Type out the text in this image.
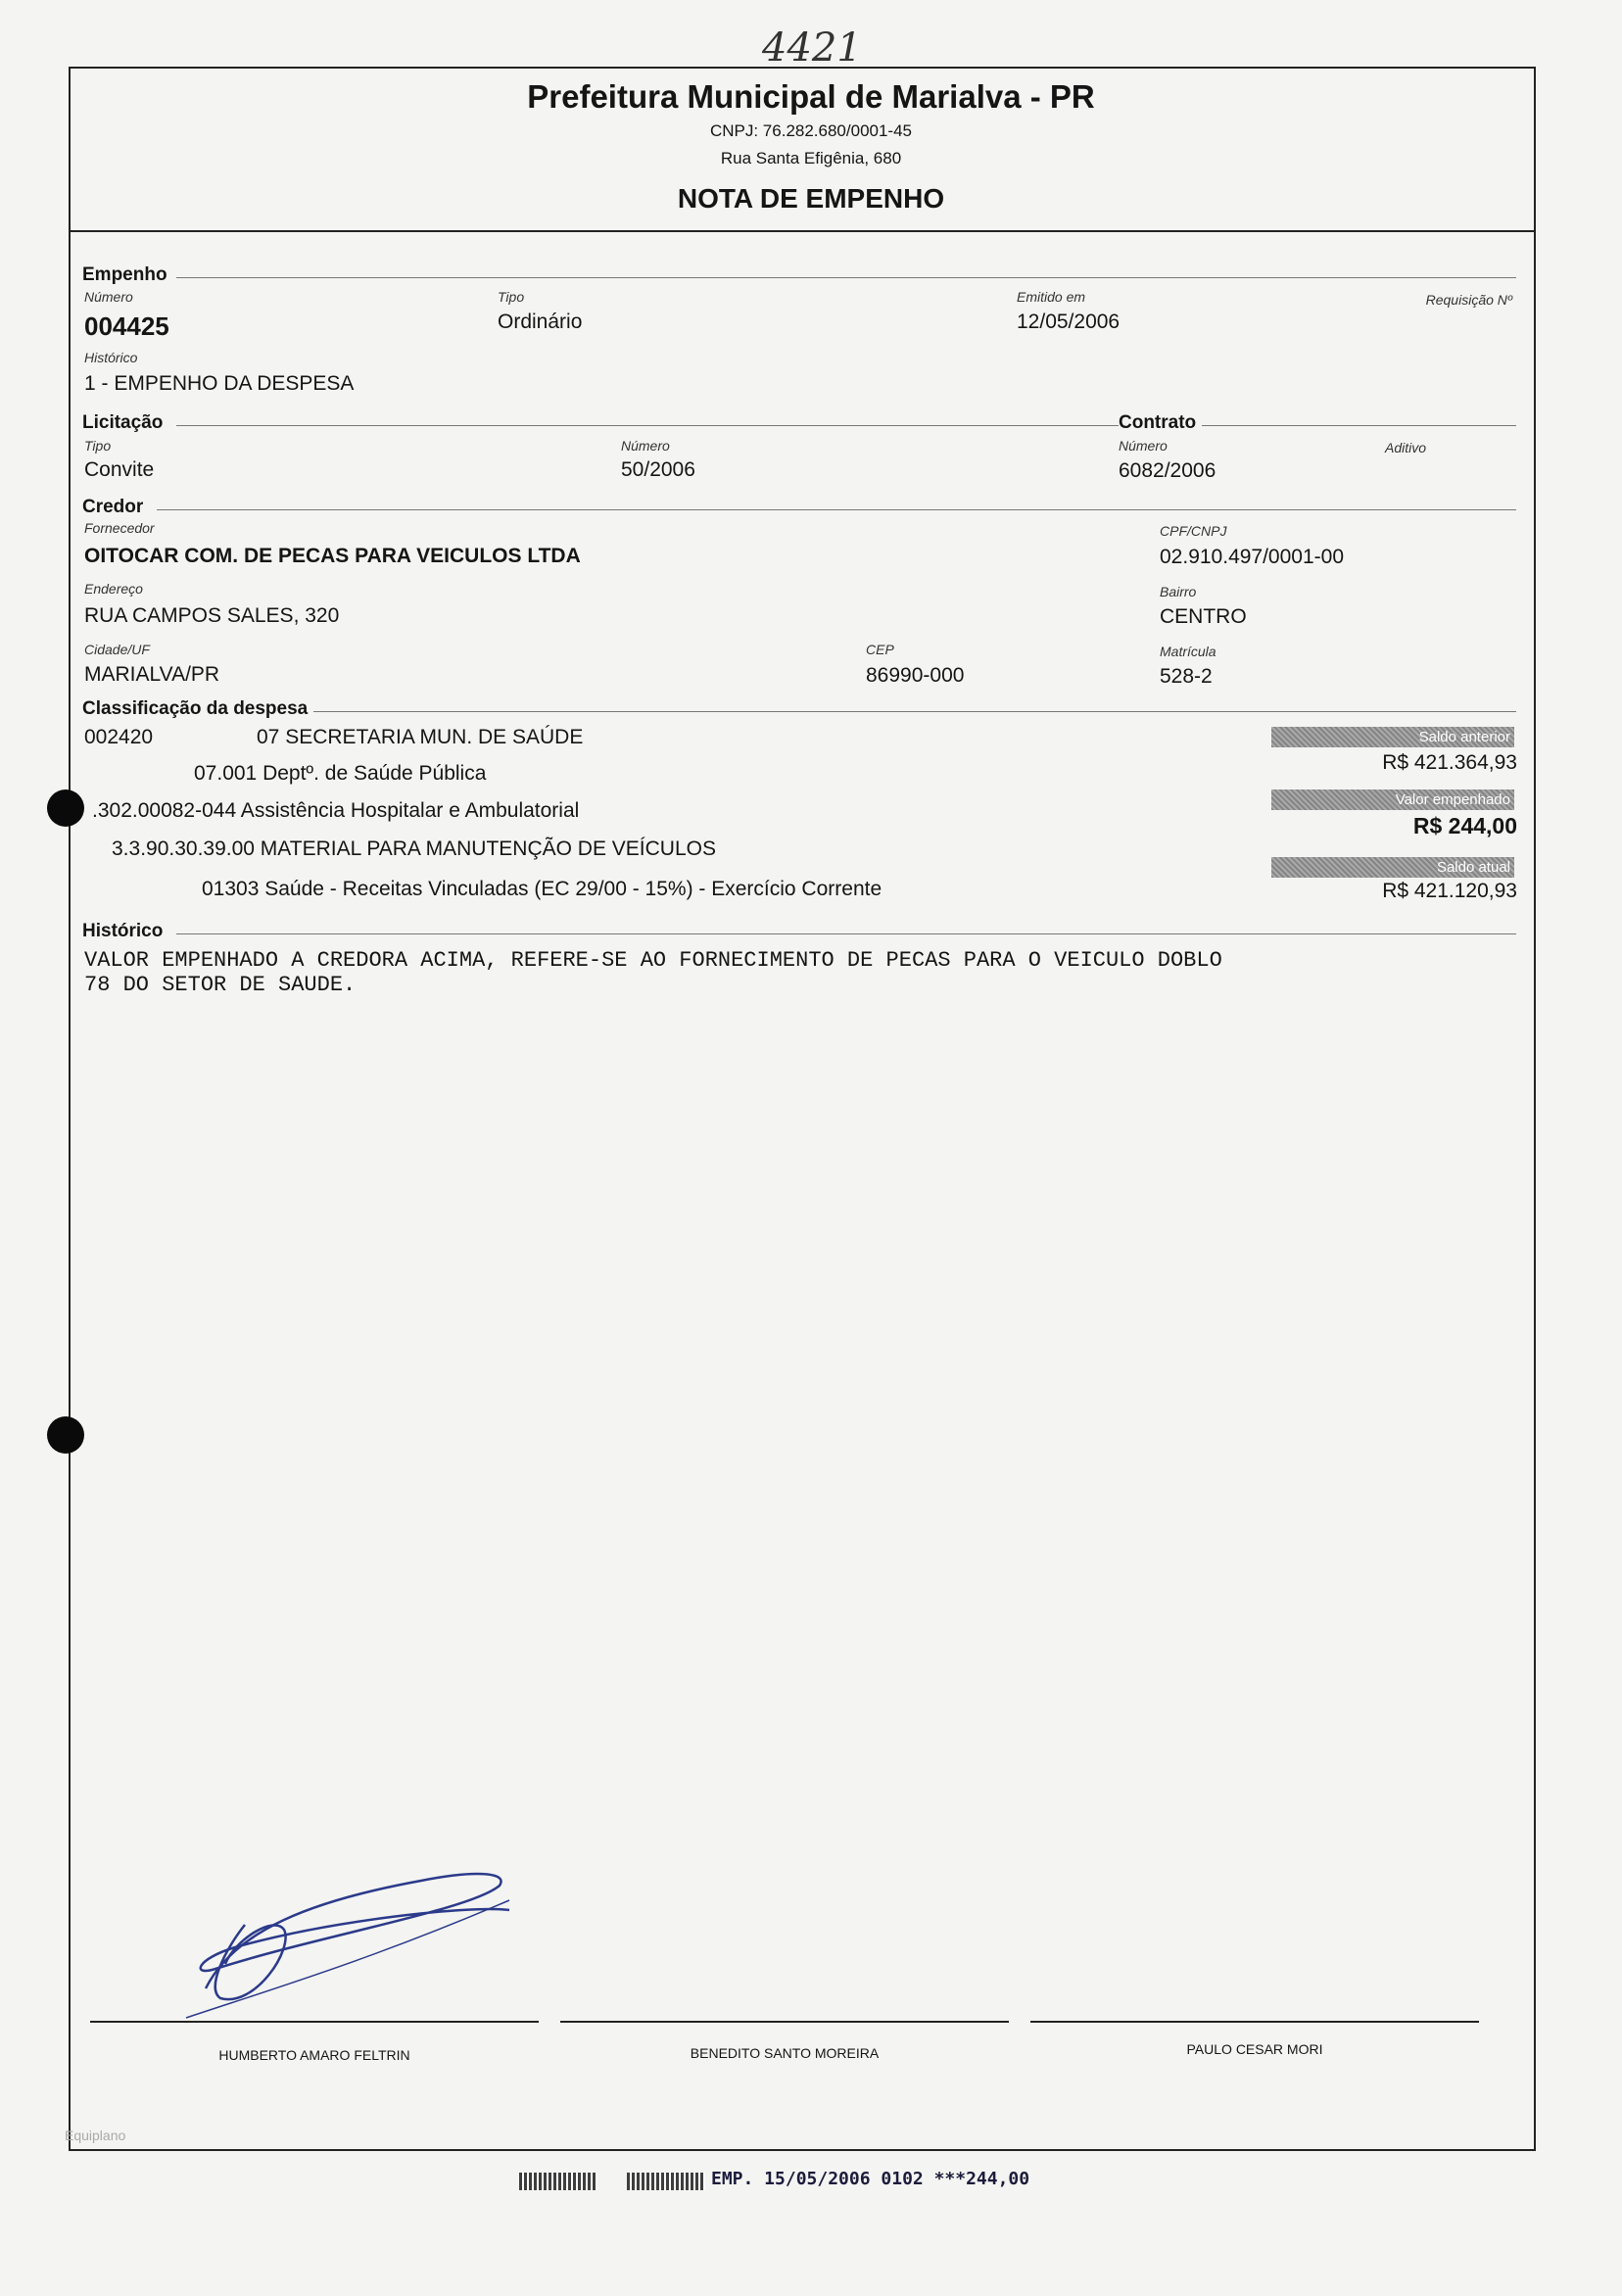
4421
Prefeitura Municipal de Marialva - PR
CNPJ: 76.282.680/0001-45
Rua Santa Efigênia, 680
NOTA DE EMPENHO
Empenho
Número
004425
Tipo
Ordinário
Emitido em
12/05/2006
Requisição Nº
Histórico
1 - EMPENHO DA DESPESA
Licitação
Tipo
Convite
Número
50/2006
Contrato
Número
6082/2006
Aditivo
Credor
Fornecedor
OITOCAR COM. DE PECAS PARA VEICULOS LTDA
CPF/CNPJ
02.910.497/0001-00
Endereço
RUA CAMPOS SALES, 320
Bairro
CENTRO
Cidade/UF
MARIALVA/PR
CEP
86990-000
Matrícula
528-2
Classificação da despesa
002420	07 SECRETARIA MUN. DE SAÚDE
07.001 Deptº. de Saúde Pública
.302.00082-044 Assistência Hospitalar e Ambulatorial
3.3.90.30.39.00 MATERIAL PARA MANUTENÇÃO DE VEÍCULOS
01303 Saúde - Receitas Vinculadas (EC 29/00 - 15%) - Exercício Corrente
Saldo anterior
R$ 421.364,93
Valor empenhado
R$ 244,00
Saldo atual
R$ 421.120,93
Histórico
VALOR EMPENHADO A CREDORA ACIMA, REFERE-SE AO FORNECIMENTO DE PECAS PARA O VEICULO DOBLO
78 DO SETOR DE SAUDE.
HUMBERTO AMARO FELTRIN	BENEDITO SANTO MOREIRA	PAULO CESAR MORI
Equiplano
EMP. 15/05/2006 0102 ***244,00
